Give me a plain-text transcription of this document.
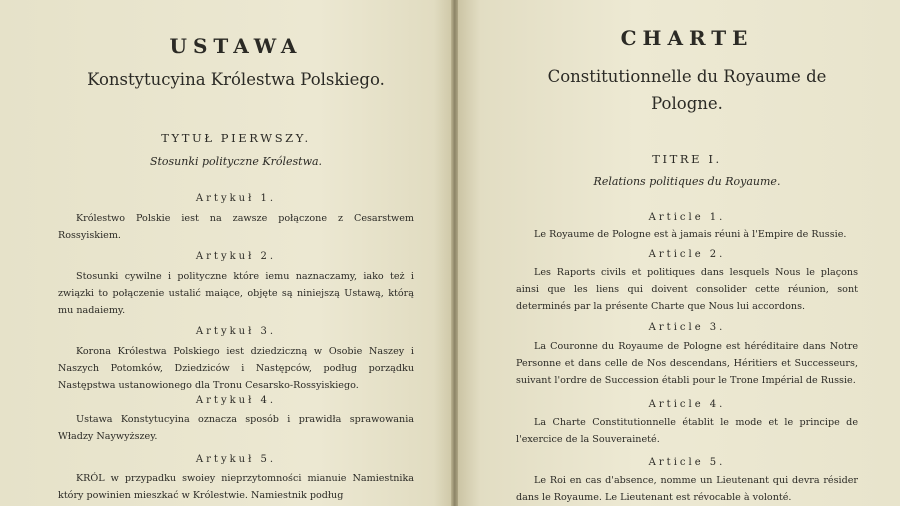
USTAWA

Konstytucyina Królestwa Polskiego.

TYTUŁ PIERWSZY.

Stosunki polityczne Królestwa.

Artykuł 1.

Królestwo Polskie iest na zawsze połączone z Cesarstwem Rossyiskiem.

Artykuł 2.

Stosunki cywilne i polityczne które iemu naznaczamy, iako też i związki to połączenie ustalić maiące, objęte są niniejszą Ustawą, którą mu nadaiemy.

Artykuł 3.

Korona Królestwa Polskiego iest dziedziczną w Osobie Naszey i Naszych Potomków, Dziedziców i Następców, podług porządku Następstwa ustanowionego dla Tronu Cesarsko-Rossyiskiego.

Artykuł 4.

Ustawa Konstytucyina oznacza sposób i prawidła sprawowania Władzy Naywyższey.

Artykuł 5.

KRÓL w przypadku swoiey nieprzytomności mianuie Namiestnika który powinien mieszkać w Królestwie. Namiestnik podług

CHARTE

Constitutionnelle du Royaume de

Pologne.

TITRE I.

Relations politiques du Royaume.

Article 1.

Le Royaume de Pologne est à jamais réuni à l'Empire de Russie.

Article 2.

Les Raports civils et politiques dans lesquels Nous le plaçons ainsi que les liens qui doivent consolider cette réunion, sont determinés par la présente Charte que Nous lui accordons.

Article 3.

La Couronne du Royaume de Pologne est héréditaire dans Notre Personne et dans celle de Nos descendans, Héritiers et Successeurs, suivant l'ordre de Succession établi pour le Trone Impérial de Russie.

Article 4.

La Charte Constitutionnelle établit le mode et le principe de l'exercice de la Souveraineté.

Article 5.

Le Roi en cas d'absence, nomme un Lieutenant qui devra résider dans le Royaume. Le Lieutenant est révocable à volonté.
